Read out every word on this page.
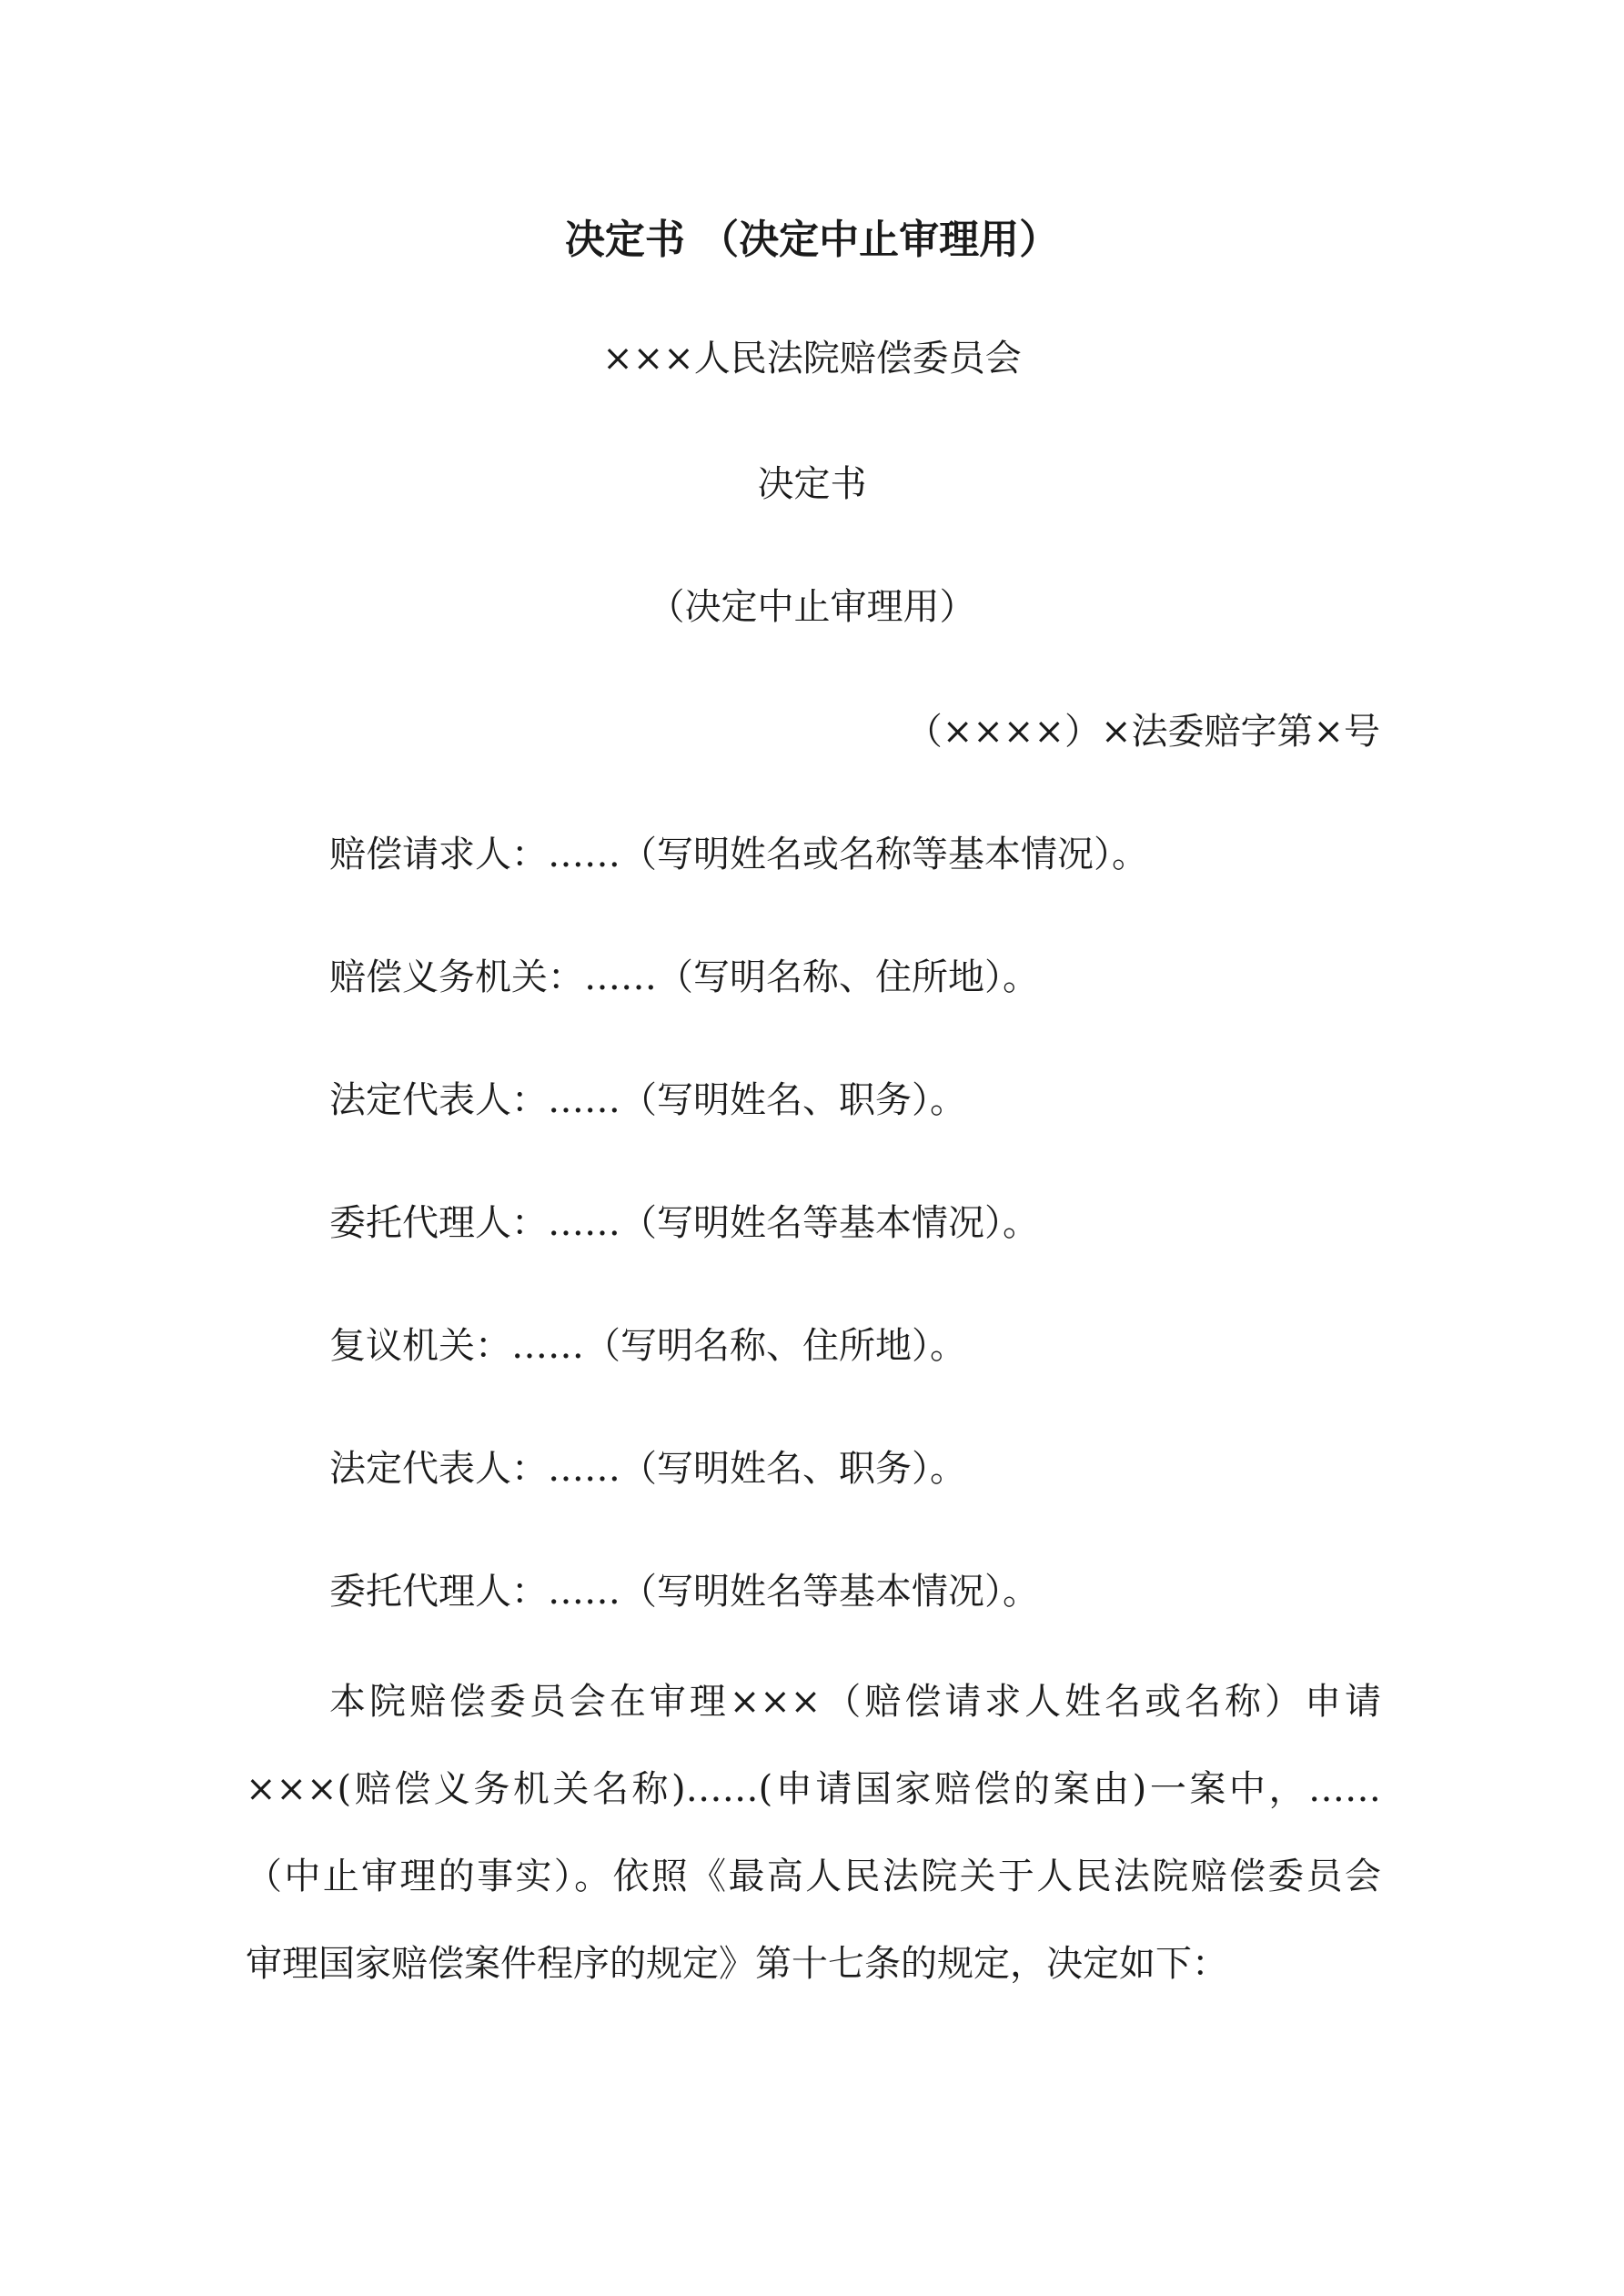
决定书 （决定中止审理用）
×××人民法院赔偿委员会
决定书
（决定中止审理用）
（××××）×法委赔字第×号
赔偿请求人：……（写明姓名或名称等基本情况）。
赔偿义务机关：……（写明名称、住所地）。
法定代表人：……（写明姓名、职务）。
委托代理人：……（写明姓名等基本情况）。
复议机关：……（写明名称、住所地）。
法定代表人：……（写明姓名、职务）。
委托代理人：……（写明姓名等基本情况）。
本院赔偿委员会在审理×××（赔偿请求人姓名或名称）申请
×××(赔偿义务机关名称)……(申请国家赔偿的案由)一案中，……
（中止审理的事实）。依照《最高人民法院关于人民法院赔偿委员会
审理国家赔偿案件程序的规定》第十七条的规定，决定如下：
